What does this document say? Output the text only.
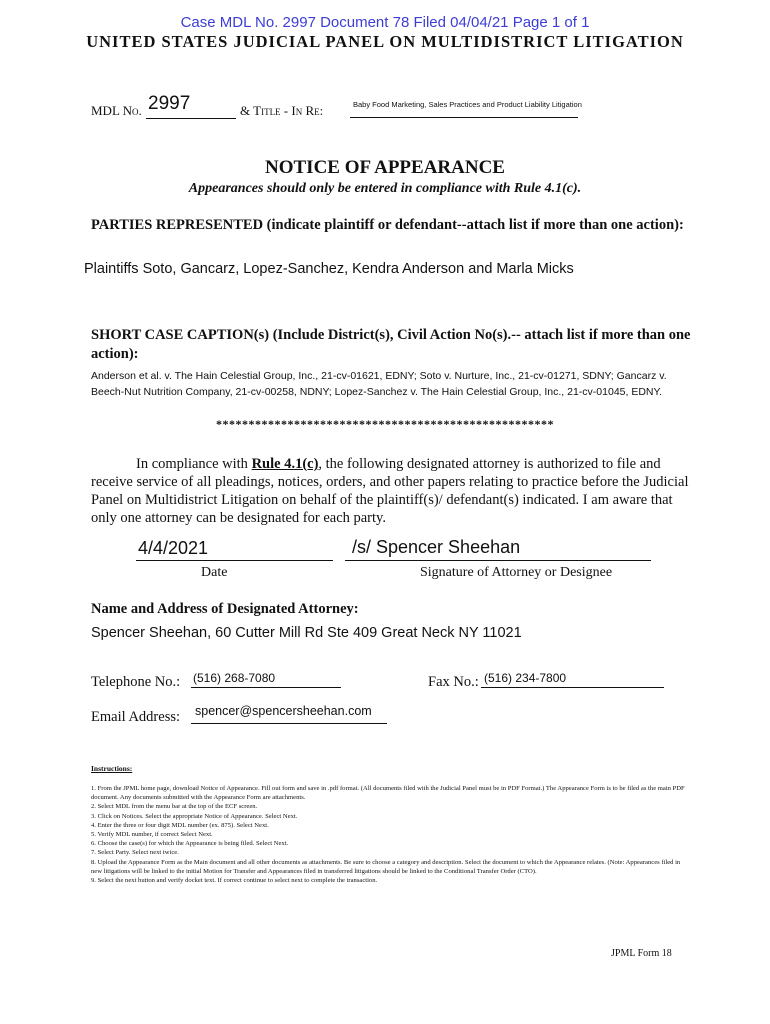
Case MDL No. 2997 Document 78 Filed 04/04/21 Page 1 of 1
UNITED STATES JUDICIAL PANEL ON MULTIDISTRICT LITIGATION
MDL No. 2997	& Title - In Re:	Baby Food Marketing, Sales Practices and Product Liability Litigation
NOTICE OF APPEARANCE
Appearances should only be entered in compliance with Rule 4.1(c).
PARTIES REPRESENTED (indicate plaintiff or defendant--attach list if more than one action):
Plaintiffs Soto, Gancarz, Lopez-Sanchez, Kendra Anderson and Marla Micks
SHORT CASE CAPTION(s) (Include District(s), Civil Action No(s).-- attach list if more than one action):
Anderson et al. v. The Hain Celestial Group, Inc., 21-cv-01621, EDNY; Soto v. Nurture, Inc., 21-cv-01271, SDNY; Gancarz v. Beech-Nut Nutrition Company, 21-cv-00258, NDNY; Lopez-Sanchez v. The Hain Celestial Group, Inc., 21-cv-01045, EDNY.
****************************************************
In compliance with Rule 4.1(c), the following designated attorney is authorized to file and receive service of all pleadings, notices, orders, and other papers relating to practice before the Judicial Panel on Multidistrict Litigation on behalf of the plaintiff(s)/ defendant(s) indicated. I am aware that only one attorney can be designated for each party.
4/4/2021
Date
/s/ Spencer Sheehan
Signature of Attorney or Designee
Name and Address of Designated Attorney:
Spencer Sheehan, 60 Cutter Mill Rd Ste 409 Great Neck NY 11021
Telephone No.: (516) 268-7080	Fax No.: (516) 234-7800
Email Address: spencer@spencersheehan.com
Instructions:
1. From the JPML home page, download Notice of Appearance. Fill out form and save in .pdf format. (All documents filed with the Judicial Panel must be in PDF Format.) The Appearance Form is to be filed as the main PDF document. Any documents submitted with the Appearance Form are attachments.
2. Select MDL from the menu bar at the top of the ECF screen.
3. Click on Notices. Select the appropriate Notice of Appearance. Select Next.
4. Enter the three or four digit MDL number (ex. 875). Select Next.
5. Verify MDL number, if correct Select Next.
6. Choose the case(s) for which the Appearance is being filed. Select Next.
7. Select Party. Select next twice.
8. Upload the Appearance Form as the Main document and all other documents as attachments. Be sure to choose a category and description. Select the document to which the Appearance relates. (Note: Appearances filed in new litigations will be linked to the initial Motion for Transfer and Appearances filed in transferred litigations should be linked to the Conditional Transfer Order (CTO).
9. Select the next button and verify docket text. If correct continue to select next to complete the transaction.
JPML Form 18
